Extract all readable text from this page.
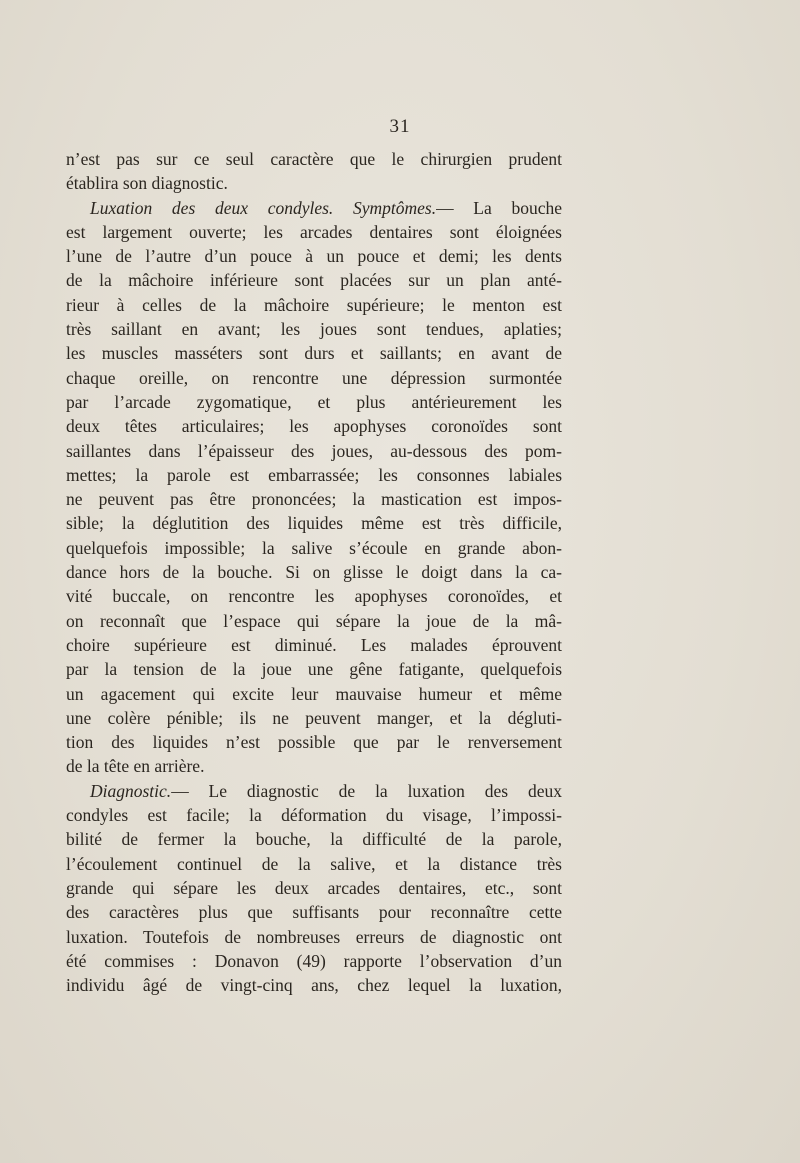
31
n’est pas sur ce seul caractère que le chirurgien prudent
établira son diagnostic.
Luxation des deux condyles. Symptômes.— La bouche
est largement ouverte; les arcades dentaires sont éloignées
l’une de l’autre d’un pouce à un pouce et demi; les dents
de la mâchoire inférieure sont placées sur un plan anté-
rieur à celles de la mâchoire supérieure; le menton est
très saillant en avant; les joues sont tendues, aplaties;
les muscles masséters sont durs et saillants; en avant de
chaque oreille, on rencontre une dépression surmontée
par l’arcade zygomatique, et plus antérieurement les
deux têtes articulaires; les apophyses coronoïdes sont
saillantes dans l’épaisseur des joues, au-dessous des pom-
mettes; la parole est embarrassée; les consonnes labiales
ne peuvent pas être prononcées; la mastication est impos-
sible; la déglutition des liquides même est très difficile,
quelquefois impossible; la salive s’écoule en grande abon-
dance hors de la bouche. Si on glisse le doigt dans la ca-
vité buccale, on rencontre les apophyses coronoïdes, et
on reconnaît que l’espace qui sépare la joue de la mâ-
choire supérieure est diminué. Les malades éprouvent
par la tension de la joue une gêne fatigante, quelquefois
un agacement qui excite leur mauvaise humeur et même
une colère pénible; ils ne peuvent manger, et la dégluti-
tion des liquides n’est possible que par le renversement
de la tête en arrière.
Diagnostic.— Le diagnostic de la luxation des deux
condyles est facile; la déformation du visage, l’impossi-
bilité de fermer la bouche, la difficulté de la parole,
l’écoulement continuel de la salive, et la distance très
grande qui sépare les deux arcades dentaires, etc., sont
des caractères plus que suffisants pour reconnaître cette
luxation. Toutefois de nombreuses erreurs de diagnostic ont
été commises : Donavon (49) rapporte l’observation d’un
individu âgé de vingt-cinq ans, chez lequel la luxation,
